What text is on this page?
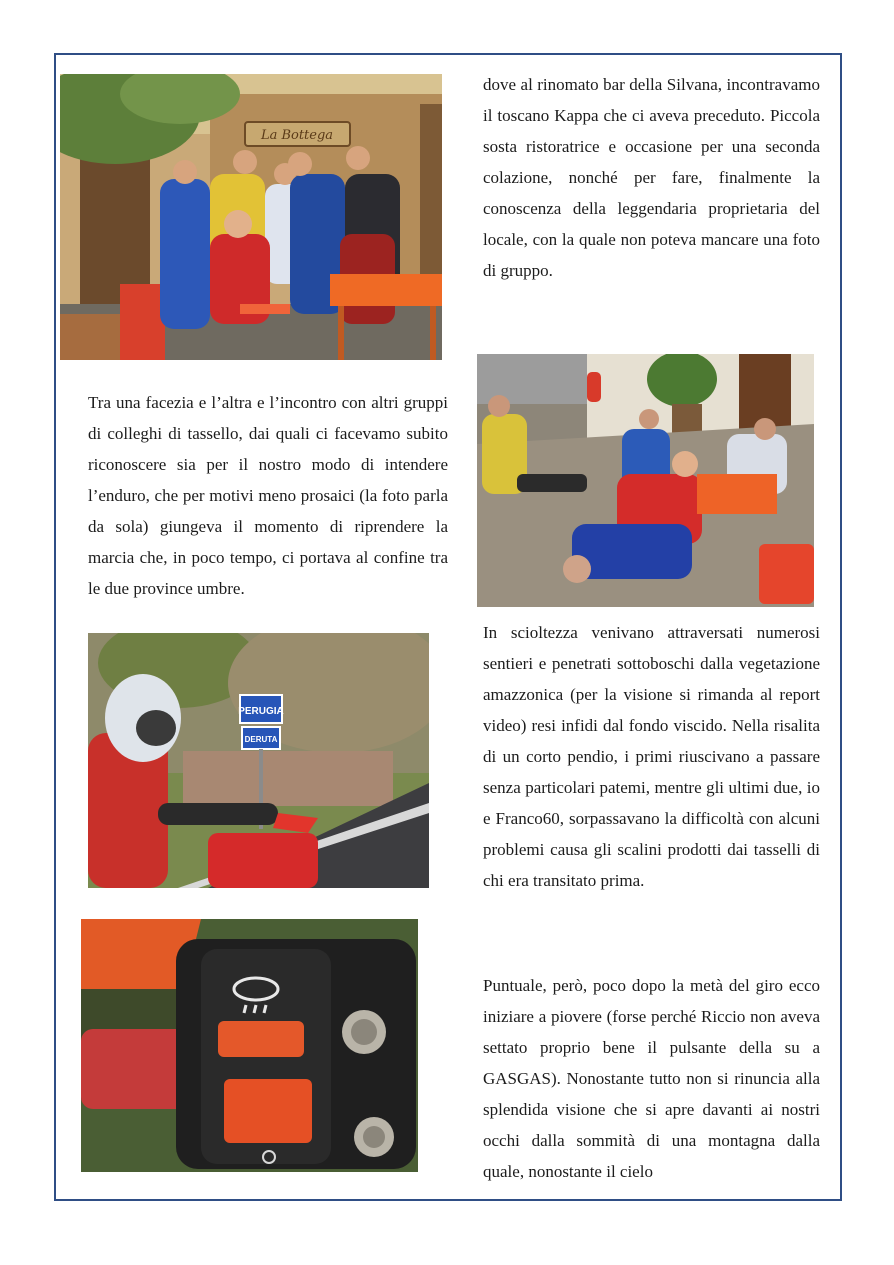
La Bottega

dove al rinomato bar della Silvana, incontravamo il toscano Kappa che ci aveva preceduto. Piccola sosta ristoratrice e occasione per una seconda colazione, nonché per fare, finalmente la conoscenza della leggendaria proprietaria del locale, con la quale non poteva mancare una foto di gruppo.

Tra una facezia e l’altra e l’incontro con altri gruppi di colleghi di tassello, dai quali ci facevamo subito riconoscere sia per il nostro modo di intendere l’enduro, che per motivi meno prosaici (la foto parla da sola) giungeva il momento di riprendere la marcia che, in poco tempo, ci portava al confine tra le due province umbre.

PERUGIA
DERUTA

In scioltezza venivano attraversati numerosi sentieri e penetrati sottoboschi dalla vegetazione amazzonica (per la visione si rimanda al report video) resi infidi dal fondo viscido. Nella risalita di un corto pendio, i primi riuscivano a passare senza particolari patemi, mentre gli ultimi due, io e Franco60, sorpassavano la difficoltà con alcuni problemi causa gli scalini prodotti dai tasselli di chi era transitato prima.

Puntuale, però, poco dopo la metà del giro ecco iniziare a piovere (forse perché Riccio non aveva settato proprio bene il pulsante della su a GASGAS). Nonostante tutto non si rinuncia alla splendida visione che si apre davanti ai nostri occhi dalla sommità di una montagna dalla quale, nonostante il cielo
